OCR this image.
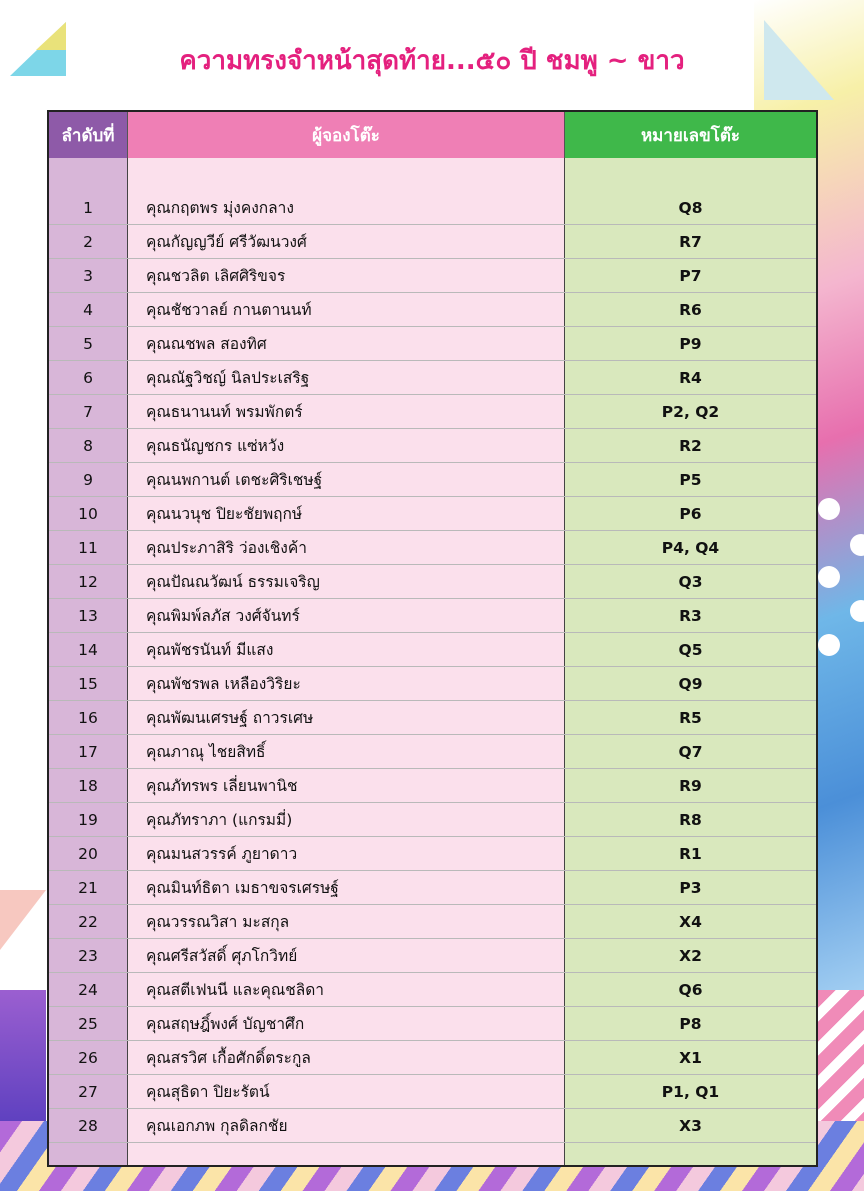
ความทรงจำหน้าสุดท้าย...๕๐ ปี ชมพู ~ ขาว
ลำดับที่	ผู้จองโต๊ะ	หมายเลขโต๊ะ

1	คุณกฤตพร มุ่งคงกลาง	Q8
2	คุณกัญญวีย์ ศรีวัฒนวงศ์	R7
3	คุณชวลิต เลิศศิริขจร	P7
4	คุณชัชวาลย์ กานตานนท์	R6
5	คุณณชพล สองทิศ	P9
6	คุณณัฐวิชญ์ นิลประเสริฐ	R4
7	คุณธนานนท์ พรมพักตร์	P2, Q2
8	คุณธนัญชกร แซ่หวัง	R2
9	คุณนพกานต์ เตชะศิริเชษฐ์	P5
10	คุณนวนุช ปิยะชัยพฤกษ์	P6
11	คุณประภาสิริ ว่องเชิงค้า	P4, Q4
12	คุณปัณณวัฒน์ ธรรมเจริญ	Q3
13	คุณพิมพ์ลภัส วงศ์จันทร์	R3
14	คุณพัชรนันท์ มีแสง	Q5
15	คุณพัชรพล เหลืองวิริยะ	Q9
16	คุณพัฒนเศรษฐ์ ถาวรเศษ	R5
17	คุณภาณุ ไชยสิทธิ์	Q7
18	คุณภัทรพร เลี่ยนพานิช	R9
19	คุณภัทราภา (แกรมมี่)	R8
20	คุณมนสวรรค์ ภูยาดาว	R1
21	คุณมินท์ธิตา เมธาขจรเศรษฐ์	P3
22	คุณวรรณวิสา มะสกุล	X4
23	คุณศรีสวัสดิ์ ศุภโกวิทย์	X2
24	คุณสตีเฟนนี และคุณชลิดา	Q6
25	คุณสฤษฎิ์พงศ์ บัญชาศึก	P8
26	คุณสรวิศ เกื้อศักดิ์ตระกูล	X1
27	คุณสุธิดา ปิยะรัตน์	P1, Q1
28	คุณเอกภพ กุลดิลกชัย	X3
